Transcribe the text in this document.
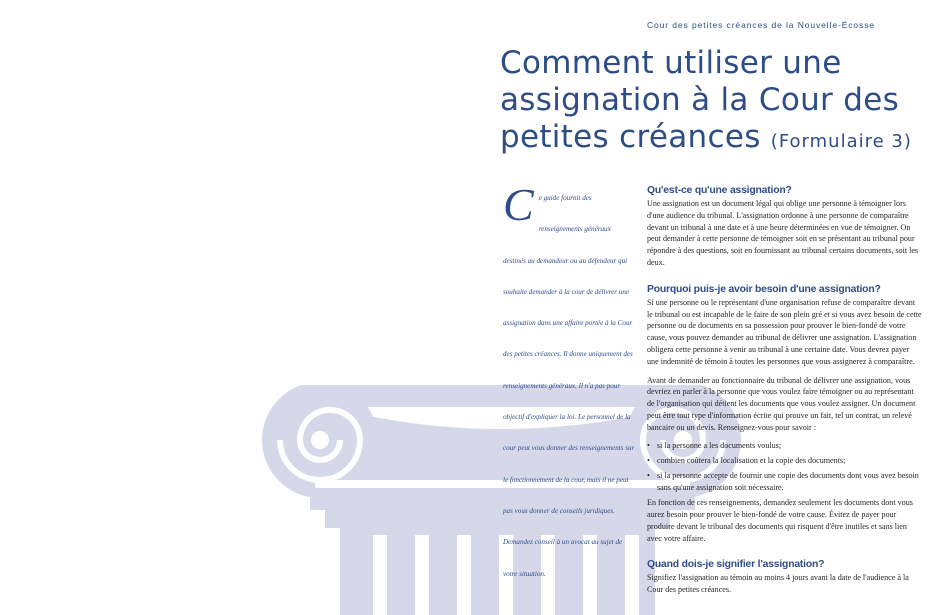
Cour des petites créances de la Nouvelle-Écosse
Comment utiliser une
assignation à la Cour des
petites créances (Formulaire 3)

Ce guide fournit des renseignements généraux destinés au demandeur ou au défendeur qui souhaite demander à la cour de délivrer une assignation dans une affaire portée à la Cour des petites créances. Il donne uniquement des renseignements généraux. Il n'a pas pour objectif d'expliquer la loi. Le personnel de la cour peut vous donner des renseignements sur le fonctionnement de la cour, mais il ne peut pas vous donner de conseils juridiques. Demandez conseil à un avocat au sujet de votre situation.

Qu'est-ce qu'une assignation?

Une assignation est un document légal qui oblige une personne à témoigner lors d'une audience du tribunal. L'assignation ordonne à une personne de comparaître devant un tribunal à une date et à une heure déterminées en vue de témoigner. On peut demander à cette personne de témoigner soit en se présentant au tribunal pour répondre à des questions, soit en fournissant au tribunal certains documents, soit les deux.

Pourquoi puis-je avoir besoin d'une assignation?

Si une personne ou le représentant d'une organisation refuse de comparaître devant le tribunal ou est incapable de le faire de son plein gré et si vous avez besoin de cette personne ou de documents en sa possession pour prouver le bien-fondé de votre cause, vous pouvez demander au tribunal de délivrer une assignation. L'assignation obligera cette personne à venir au tribunal à une certaine date. Vous devrez payer une indemnité de témoin à toutes les personnes que vous assignerez à comparaître.

Avant de demander au fonctionnaire du tribunal de délivrer une assignation, vous devriez en parler à la personne que vous voulez faire témoigner ou au représentant de l'organisation qui détient les documents que vous voulez assigner. Un document peut être tout type d'information écrite qui prouve un fait, tel un contrat, un relevé bancaire ou un devis. Renseignez-vous pour savoir :

• si la personne a les documents voulus;
• combien coûtera la localisation et la copie des documents;
• si la personne accepte de fournir une copie des documents dont vous avez besoin sans qu'une assignation soit nécessaire.

En fonction de ces renseignements, demandez seulement les documents dont vous aurez besoin pour prouver le bien-fondé de votre cause. Évitez de payer pour produire devant le tribunal des documents qui risquent d'être inutiles et sans lien avec votre affaire.

Quand dois-je signifier l'assignation?

Signifiez l'assignation au témoin au moins 4 jours avant la date de l'audience à la Cour des petites créances.
